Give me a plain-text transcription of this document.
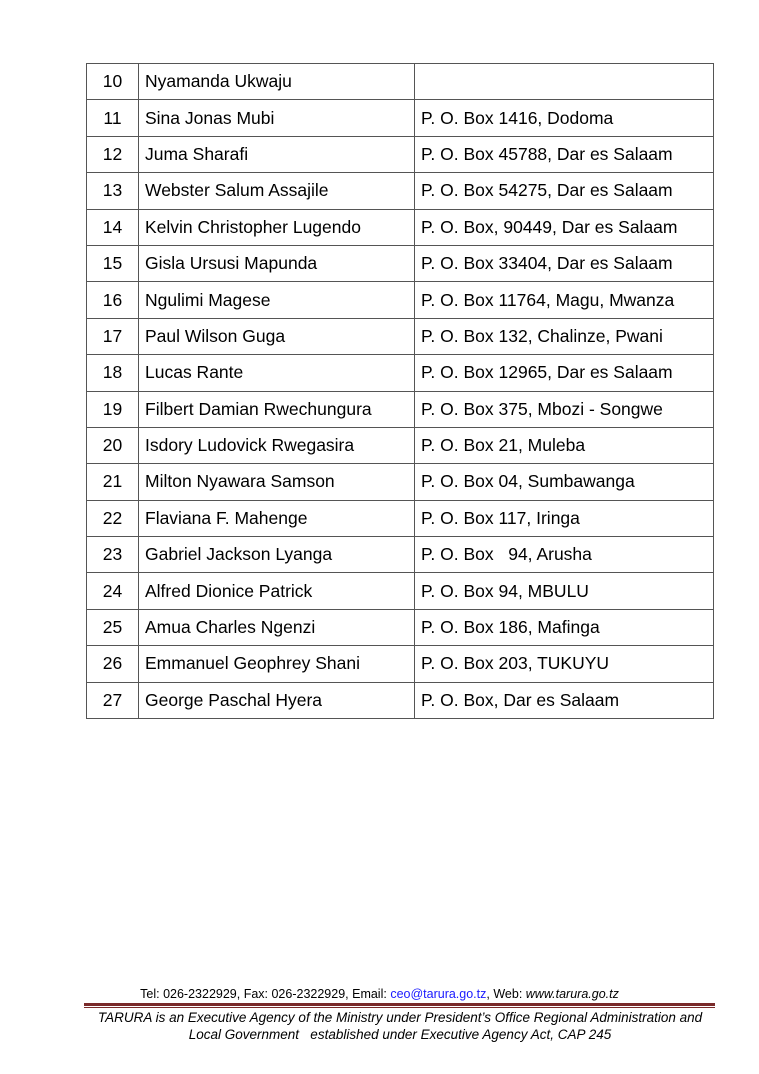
10	Nyamanda Ukwaju	
11	Sina Jonas Mubi	P. O. Box 1416, Dodoma
12	Juma Sharafi	P. O. Box 45788, Dar es Salaam
13	Webster Salum Assajile	P. O. Box 54275, Dar es Salaam
14	Kelvin Christopher Lugendo	P. O. Box, 90449, Dar es Salaam
15	Gisla Ursusi Mapunda	P. O. Box 33404, Dar es Salaam
16	Ngulimi Magese	P. O. Box 11764, Magu, Mwanza
17	Paul Wilson Guga	P. O. Box 132, Chalinze, Pwani
18	Lucas Rante	P. O. Box 12965, Dar es Salaam
19	Filbert Damian Rwechungura	P. O. Box 375, Mbozi - Songwe
20	Isdory Ludovick Rwegasira	P. O. Box 21, Muleba
21	Milton Nyawara Samson	P. O. Box 04, Sumbawanga
22	Flaviana F. Mahenge	P. O. Box 117, Iringa
23	Gabriel Jackson Lyanga	P. O. Box   94, Arusha
24	Alfred Dionice Patrick	P. O. Box 94, MBULU
25	Amua Charles Ngenzi	P. O. Box 186, Mafinga
26	Emmanuel Geophrey Shani	P. O. Box 203, TUKUYU
27	George Paschal Hyera	P. O. Box, Dar es Salaam
Tel: 026-2322929, Fax: 026-2322929, Email: ceo@tarura.go.tz, Web: www.tarura.go.tz
TARURA is an Executive Agency of the Ministry under President’s Office Regional Administration and
Local Government   established under Executive Agency Act, CAP 245
